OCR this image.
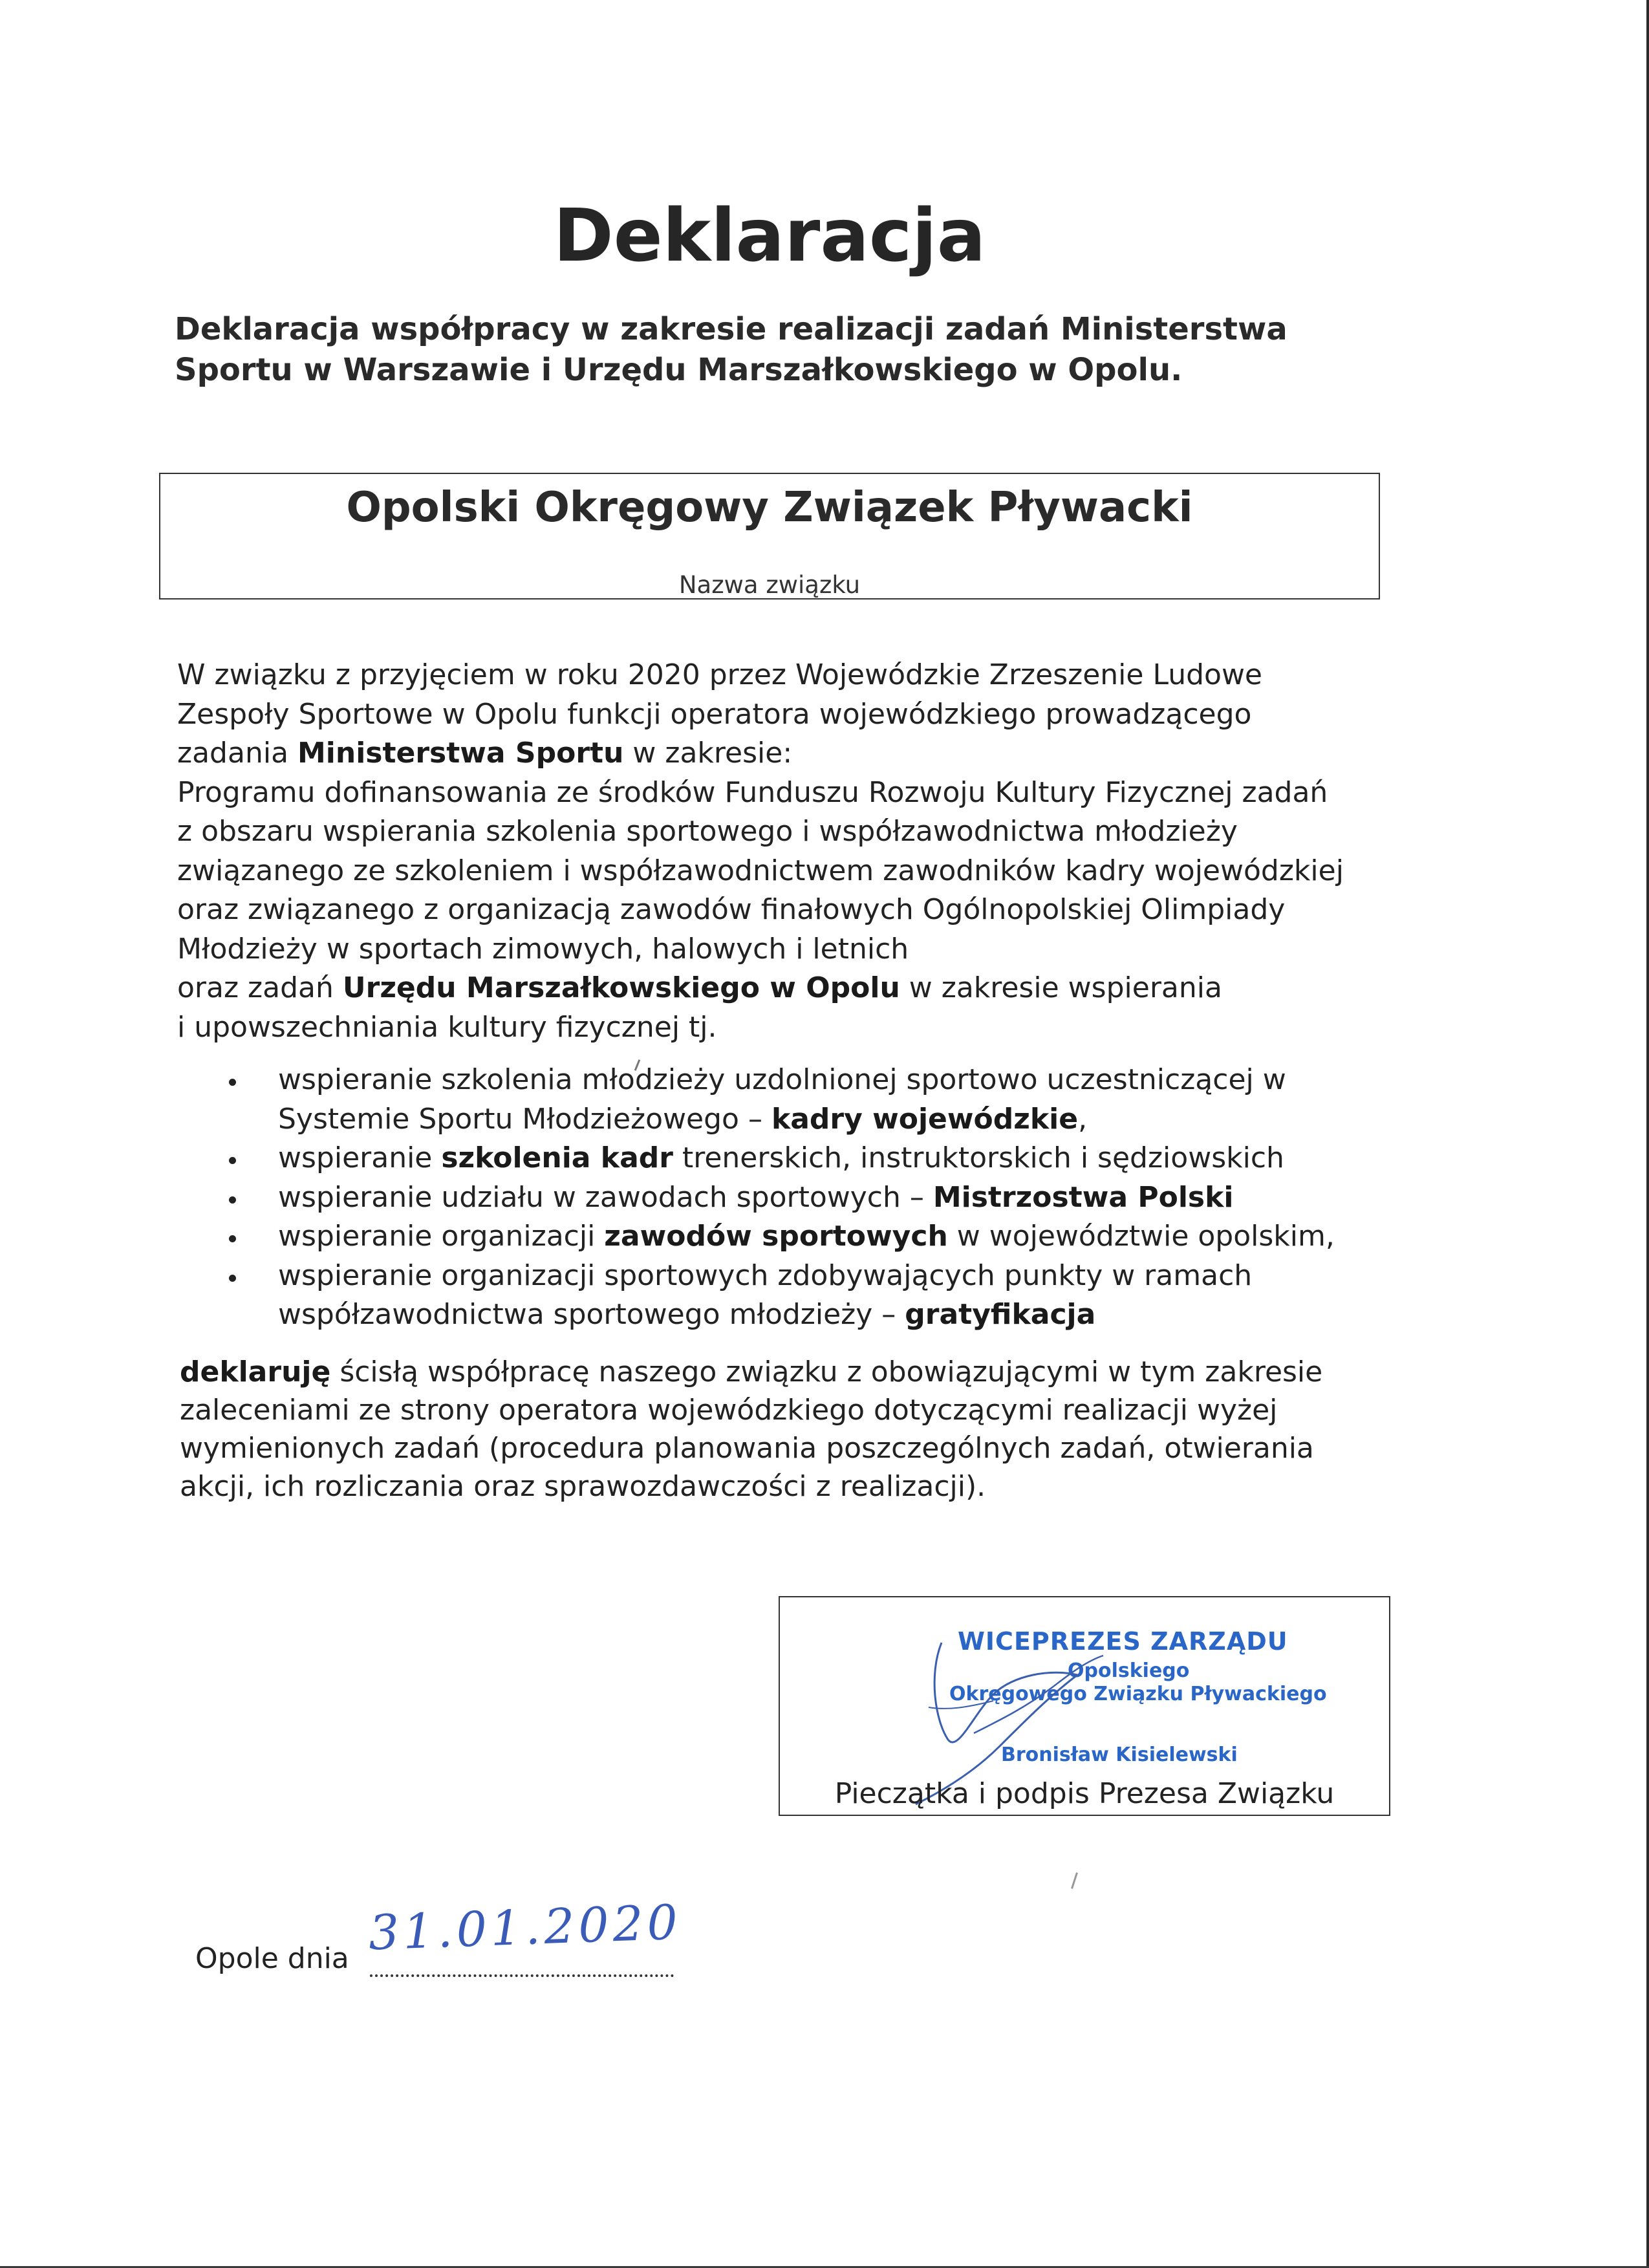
Deklaracja
Deklaracja współpracy w zakresie realizacji zadań Ministerstwa
Sportu w Warszawie i Urzędu Marszałkowskiego w Opolu.
Opolski Okręgowy Związek Pływacki
Nazwa związku
W związku z przyjęciem w roku 2020 przez Wojewódzkie Zrzeszenie Ludowe
Zespoły Sportowe w Opolu funkcji operatora wojewódzkiego prowadzącego
zadania Ministerstwa Sportu w zakresie:
Programu dofinansowania ze środków Funduszu Rozwoju Kultury Fizycznej zadań
z obszaru wspierania szkolenia sportowego i współzawodnictwa młodzieży
związanego ze szkoleniem i współzawodnictwem zawodników kadry wojewódzkiej
oraz związanego z organizacją zawodów finałowych Ogólnopolskiej Olimpiady
Młodzieży w sportach zimowych, halowych i letnich
oraz zadań Urzędu Marszałkowskiego w Opolu w zakresie wspierania
i upowszechniania kultury fizycznej tj.
wspieranie szkolenia młodzieży uzdolnionej sportowo uczestniczącej w
Systemie Sportu Młodzieżowego – kadry wojewódzkie,
wspieranie szkolenia kadr trenerskich, instruktorskich i sędziowskich
wspieranie udziału w zawodach sportowych – Mistrzostwa Polski
wspieranie organizacji zawodów sportowych w województwie opolskim,
wspieranie organizacji sportowych zdobywających punkty w ramach
współzawodnictwa sportowego młodzieży – gratyfikacja
deklaruję ścisłą współpracę naszego związku z obowiązującymi w tym zakresie
zaleceniami ze strony operatora wojewódzkiego dotyczącymi realizacji wyżej
wymienionych zadań (procedura planowania poszczególnych zadań, otwierania
akcji, ich rozliczania oraz sprawozdawczości z realizacji).
WICEPREZES ZARZĄDU
Opolskiego
Okręgowego Związku Pływackiego
Bronisław Kisielewski
Pieczątka i podpis Prezesa Związku
Opole dnia 31.01.2020
